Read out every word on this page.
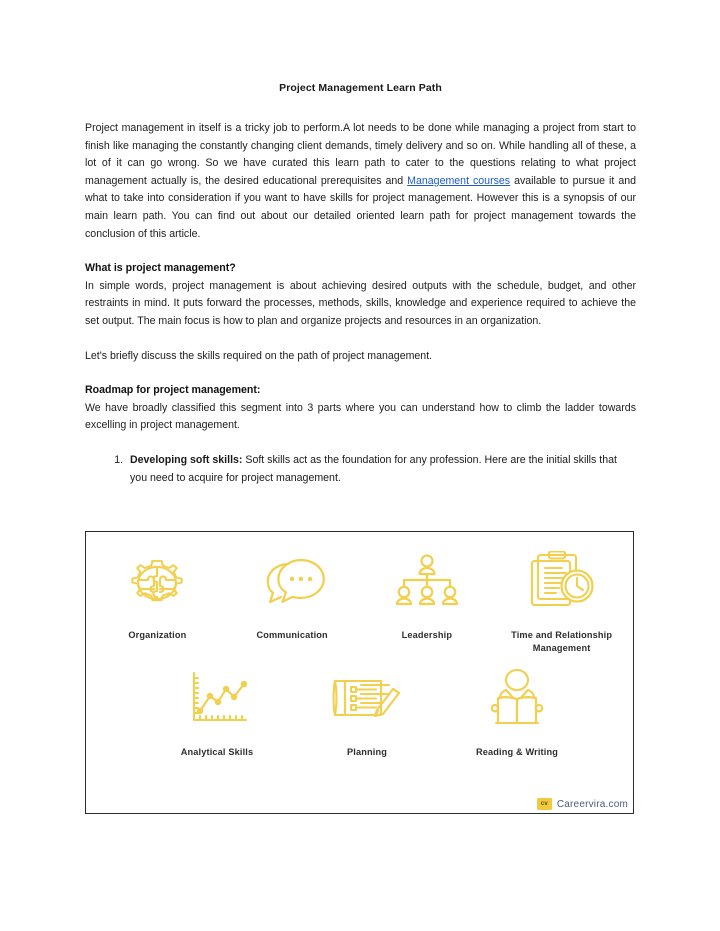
Project Management Learn Path

Project management in itself is a tricky job to perform.A lot needs to be done while managing a project from start to finish like managing the constantly changing client demands, timely delivery and so on. While handling all of these, a lot of it can go wrong. So we have curated this learn path to cater to the questions relating to what project management actually is, the desired educational prerequisites and Management courses available to pursue it and what to take into consideration if you want to have skills for project management. However this is a synopsis of our main learn path. You can find out about our detailed oriented learn path for project management towards the conclusion of this article.

What is project management?

In simple words, project management is about achieving desired outputs with the schedule, budget, and other restraints in mind. It puts forward the processes, methods, skills, knowledge and experience required to achieve the set output. The main focus is how to plan and organize projects and resources in an organization.

Let's briefly discuss the skills required on the path of project management.

Roadmap for project management:

We have broadly classified this segment into 3 parts where you can understand how to climb the ladder towards excelling in project management.

1. Developing soft skills: Soft skills act as the foundation for any profession. Here are the initial skills that you need to acquire for project management.
Organization	Communication	Leadership	Time and Relationship Management
Analytical Skills	Planning	Reading & Writing
cv Careervira.com
